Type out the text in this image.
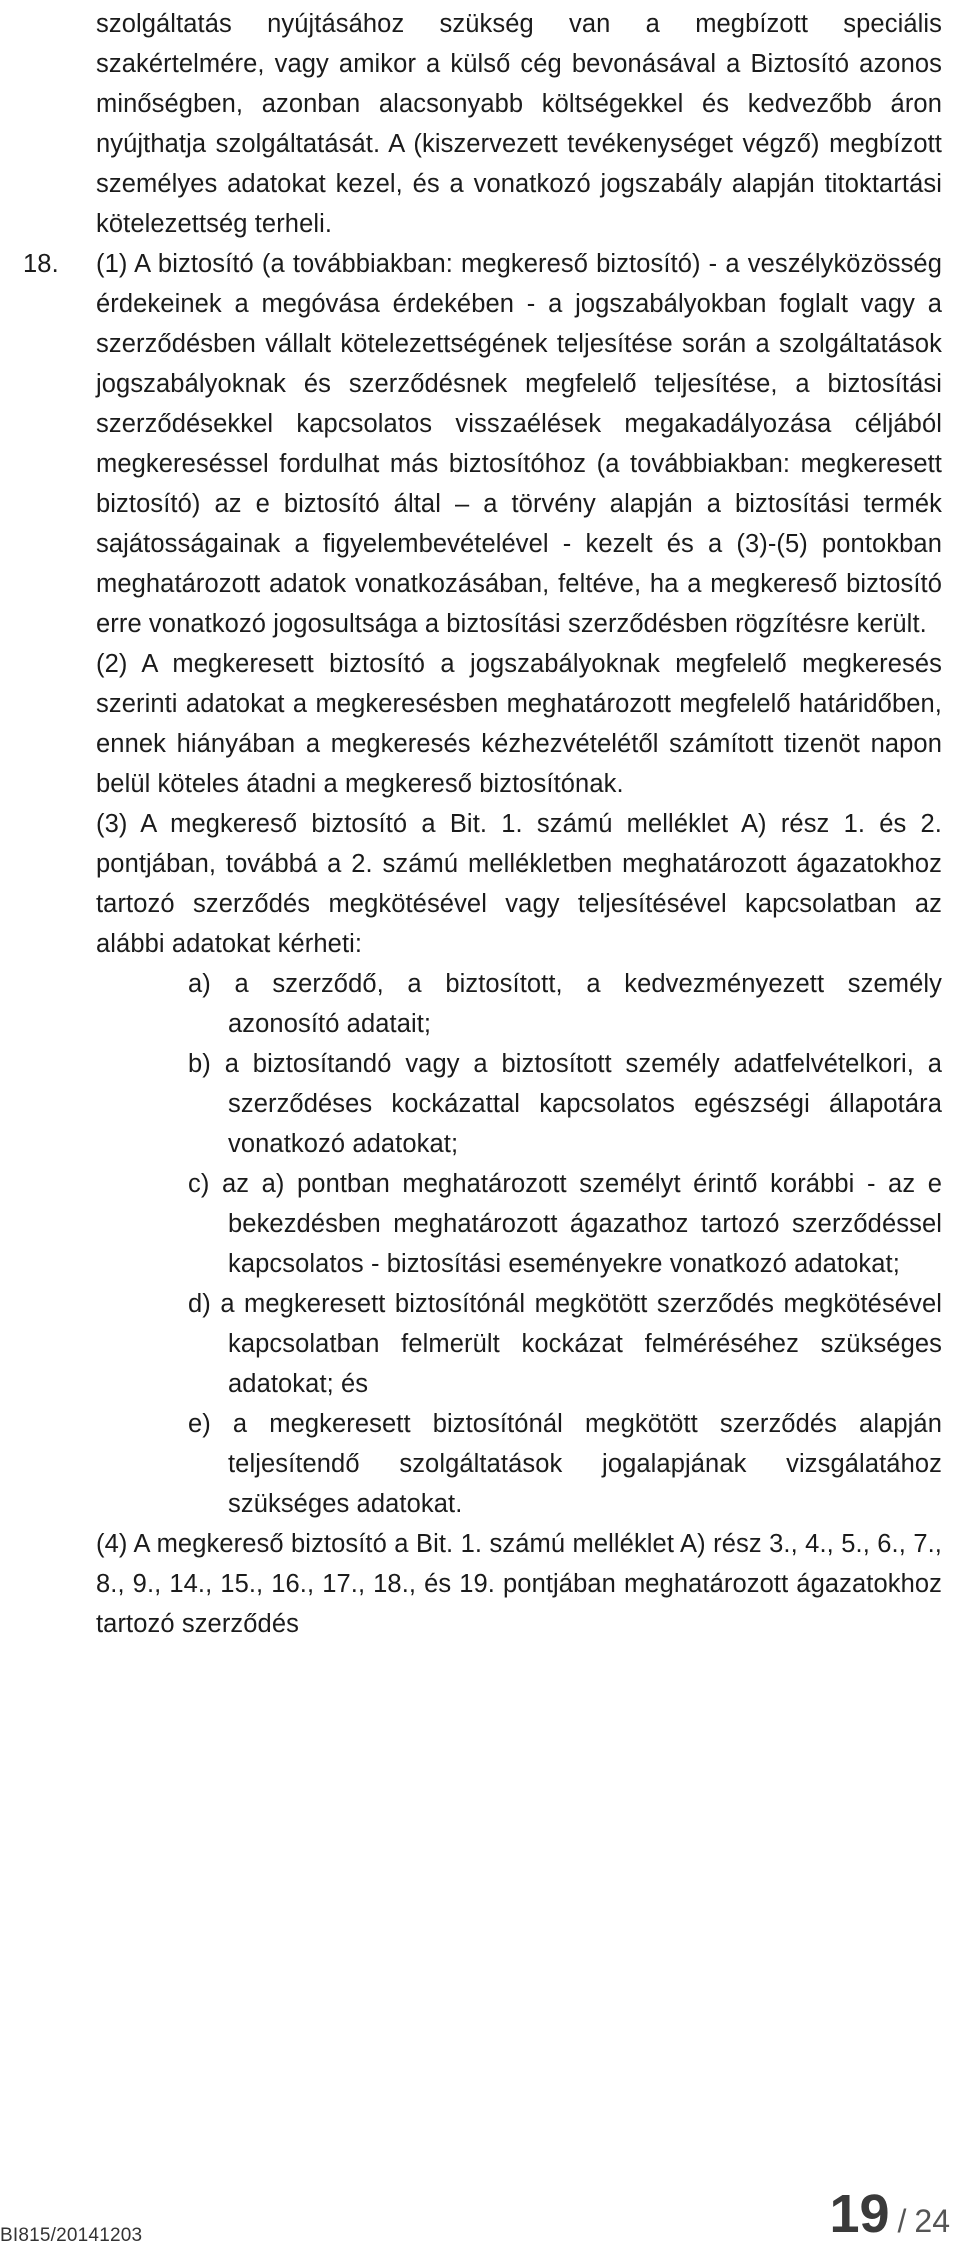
szolgáltatás nyújtásához szükség van a megbízott speciális szakértelmére, vagy amikor a külső cég bevonásával a Biztosító azonos minőségben, azonban alacsonyabb költségekkel és kedvezőbb áron nyújthatja szolgáltatását. A (kiszervezett tevékenységet végző) megbízott személyes adatokat kezel, és a vonatkozó jogszabály alapján titoktartási kötelezettség terheli.

18. (1) A biztosító (a továbbiakban: megkereső biztosító) - a veszélyközösség érdekeinek a megóvása érdekében - a jogszabályokban foglalt vagy a szerződésben vállalt kötelezettségének teljesítése során a szolgáltatások jogszabályoknak és szerződésnek megfelelő teljesítése, a biztosítási szerződésekkel kapcsolatos visszaélések megakadályozása céljából megkereséssel fordulhat más biztosítóhoz (a továbbiakban: megkeresett biztosító) az e biztosító által – a törvény alapján a biztosítási termék sajátosságainak a figyelembevételével - kezelt és a (3)-(5) pontokban meghatározott adatok vonatkozásában, feltéve, ha a megkereső biztosító erre vonatkozó jogosultsága a biztosítási szerződésben rögzítésre került.

(2) A megkeresett biztosító a jogszabályoknak megfelelő megkeresés szerinti adatokat a megkeresésben meghatározott megfelelő határidőben, ennek hiányában a megkeresés kézhezvételétől számított tizenöt napon belül köteles átadni a megkereső biztosítónak.

(3) A megkereső biztosító a Bit. 1. számú melléklet A) rész 1. és 2. pontjában, továbbá a 2. számú mellékletben meghatározott ágazatokhoz tartozó szerződés megkötésével vagy teljesítésével kapcsolatban az alábbi adatokat kérheti:

a) a szerződő, a biztosított, a kedvezményezett személy azonosító adatait;

b) a biztosítandó vagy a biztosított személy adatfelvételkori, a szerződéses kockázattal kapcsolatos egészségi állapotára vonatkozó adatokat;

c) az a) pontban meghatározott személyt érintő korábbi - az e bekezdésben meghatározott ágazathoz tartozó szerződéssel kapcsolatos - biztosítási eseményekre vonatkozó adatokat;

d) a megkeresett biztosítónál megkötött szerződés megkötésével kapcsolatban felmerült kockázat felméréséhez szükséges adatokat; és

e) a megkeresett biztosítónál megkötött szerződés alapján teljesítendő szolgáltatások jogalapjának vizsgálatához szükséges adatokat.

(4) A megkereső biztosító a Bit. 1. számú melléklet A) rész 3., 4., 5., 6., 7., 8., 9., 14., 15., 16., 17., 18., és 19. pontjában meghatározott ágazatokhoz tartozó szerződés

BI815/20141203	19 / 24
